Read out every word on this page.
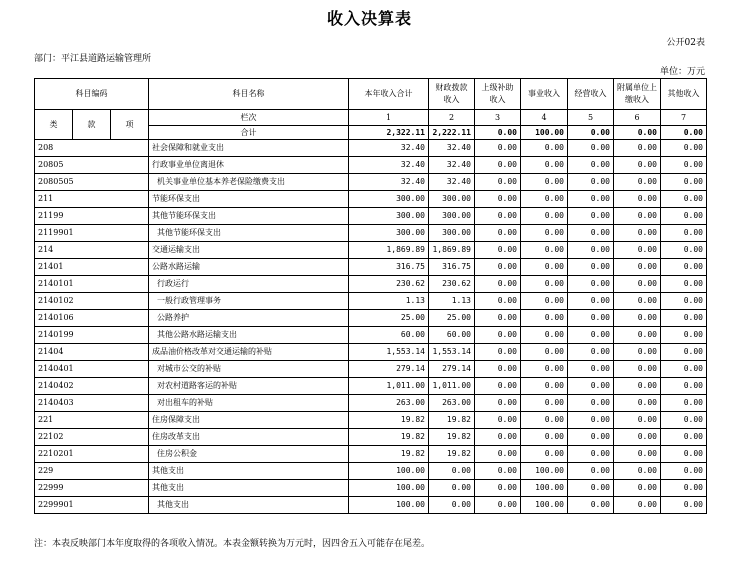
收入决算表
公开02表
部门：平江县道路运输管理所
单位：万元
科目编码			科目名称	本年收入合计	财政拨款收入	上级补助收入	事业收入	经营收入	附属单位上缴收入	其他收入
类	款	项	栏次	1	2	3	4	5	6	7
			合计	2,322.11	2,222.11	0.00	100.00	0.00	0.00	0.00
208			社会保障和就业支出	32.40	32.40	0.00	0.00	0.00	0.00	0.00
20805			行政事业单位离退休	32.40	32.40	0.00	0.00	0.00	0.00	0.00
2080505			机关事业单位基本养老保险缴费支出	32.40	32.40	0.00	0.00	0.00	0.00	0.00
211			节能环保支出	300.00	300.00	0.00	0.00	0.00	0.00	0.00
21199			其他节能环保支出	300.00	300.00	0.00	0.00	0.00	0.00	0.00
2119901			其他节能环保支出	300.00	300.00	0.00	0.00	0.00	0.00	0.00
214			交通运输支出	1,869.89	1,869.89	0.00	0.00	0.00	0.00	0.00
21401			公路水路运输	316.75	316.75	0.00	0.00	0.00	0.00	0.00
2140101			行政运行	230.62	230.62	0.00	0.00	0.00	0.00	0.00
2140102			一般行政管理事务	1.13	1.13	0.00	0.00	0.00	0.00	0.00
2140106			公路养护	25.00	25.00	0.00	0.00	0.00	0.00	0.00
2140199			其他公路水路运输支出	60.00	60.00	0.00	0.00	0.00	0.00	0.00
21404			成品油价格改革对交通运输的补贴	1,553.14	1,553.14	0.00	0.00	0.00	0.00	0.00
2140401			对城市公交的补贴	279.14	279.14	0.00	0.00	0.00	0.00	0.00
2140402			对农村道路客运的补贴	1,011.00	1,011.00	0.00	0.00	0.00	0.00	0.00
2140403			对出租车的补贴	263.00	263.00	0.00	0.00	0.00	0.00	0.00
221			住房保障支出	19.82	19.82	0.00	0.00	0.00	0.00	0.00
22102			住房改革支出	19.82	19.82	0.00	0.00	0.00	0.00	0.00
2210201			住房公积金	19.82	19.82	0.00	0.00	0.00	0.00	0.00
229			其他支出	100.00	0.00	0.00	100.00	0.00	0.00	0.00
22999			其他支出	100.00	0.00	0.00	100.00	0.00	0.00	0.00
2299901			其他支出	100.00	0.00	0.00	100.00	0.00	0.00	0.00
注：本表反映部门本年度取得的各项收入情况。本表金额转换为万元时，因四舍五入可能存在尾差。
